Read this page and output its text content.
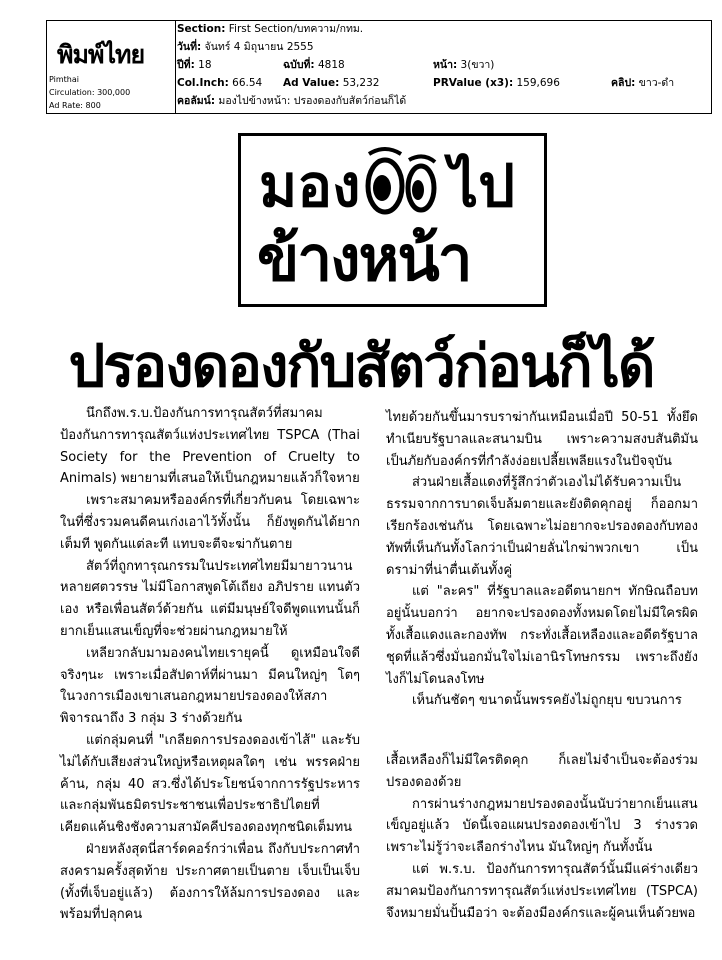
พิมพ์ไทย
Pimthai
Circulation: 300,000
Ad Rate: 800
Section: First Section/บทความ/กทม.
วันที่: จันทร์ 4 มิถุนายน 2555
ปีที่: 18	ฉบับที่: 4818	หน้า: 3(ขวา)
Col.Inch: 66.54 Ad Value: 53,232	PRValue (x3): 159,696	คลิป: ขาว-ดำ
คอลัมน์: มองไปข้างหน้า: ปรองดองกับสัตว์ก่อนก็ได้
มอง ไป
ข้างหน้า
ปรองดองกับสัตว์ก่อนก็ได้

นึกถึงพ.ร.บ.ป้องกันการทารุณสัตว์ที่สมาคมป้องกันการทารุณสัตว์แห่งประเทศไทย TSPCA (Thai Society for the Prevention of Cruelty to Animals) พยายามที่เสนอให้เป็นกฎหมายแล้วก็ใจหาย

เพราะสมาคมหรือองค์กรที่เกี่ยวกับคน โดยเฉพาะในที่ซึ่งรวมคนดีคนเก่งเอาไว้ทั้งนั้น ก็ยังพูดกันได้ยากเต็มที พูดกันแต่ละที แทบจะตีจะฆ่ากันตาย

สัตว์ที่ถูกทารุณกรรมในประเทศไทยมีมายาวนานหลายศตวรรษ ไม่มีโอกาสพูดโต้เถียง อภิปราย แทนตัวเอง หรือเพื่อนสัตว์ด้วยกัน แต่มีมนุษย์ใจดีพูดแทนนั้นก็ยากเย็นแสนเข็ญที่จะช่วยผ่านกฎหมายให้

เหลียวกลับมามองคนไทยเรายุคนี้ ดูเหมือนใจดีจริงๆนะ เพราะเมื่อสัปดาห์ที่ผ่านมา มีคนใหญ่ๆ โตๆ ในวงการเมืองเขาเสนอกฎหมายปรองดองให้สภาพิจารณาถึง 3 กลุ่ม 3 ร่างด้วยกัน

แต่กลุ่มคนที่ "เกลียดการปรองดองเข้าไส้" และรับไม่ได้กับเสียงส่วนใหญ่หรือเหตุผลใดๆ เช่น พรรคฝ่ายค้าน, กลุ่ม 40 สว.ซึ่งได้ประโยชน์จากการรัฐประหารและกลุ่มพันธมิตรประชาชนเพื่อประชาธิปไตยที่เคียดแค้นชิงชังความสามัคคีปรองดองทุกชนิดเต็มทน

ฝ่ายหลังสุดนี่สาร์ดคอร์กว่าเพื่อน ถึงกับประกาศทำสงครามครั้งสุดท้าย ประกาศตายเป็นตาย เจ็บเป็นเจ็บ (ทั้งที่เจ็บอยู่แล้ว) ต้องการให้ล้มการปรองดอง และพร้อมที่ปลุกคน

ไทยด้วยกันขึ้นมารบราฆ่ากันเหมือนเมื่อปี 50-51 ทั้งยึดทำเนียบรัฐบาลและสนามบิน เพราะความสงบสันติมันเป็นภัยกับองค์กรที่กำลังง่อยเปลี้ยเพลียแรงในปัจจุบัน

ส่วนฝ่ายเสื้อแดงที่รู้สึกว่าตัวเองไม่ได้รับความเป็นธรรมจากการบาดเจ็บล้มตายและยังติดคุกอยู่ ก็ออกมาเรียกร้องเช่นกัน โดยเฉพาะไม่อยากจะปรองดองกับทองทัพที่เห็นกันทั้งโลกว่าเป็นฝ่ายลั่นไกฆ่าพวกเขา เป็นดราม่าที่น่าตื่นเต้นทั้งคู่

แต่ "ละคร" ที่รัฐบาลและอดีตนายกฯ ทักษิณถือบทอยู่นั้นบอกว่า อยากจะปรองดองทั้งหมดโดยไม่มีใครผิด ทั้งเสื้อแดงและกองทัพ กระทั่งเสื้อเหลืองและอดีตรัฐบาลชุดที่แล้วซึ่งมั่นอกมั่นใจไม่เอานิรโทษกรรม เพราะถึงยังไงก็ไม่โดนลงโทษ

เห็นกันชัดๆ ขนาดนั้นพรรคยังไม่ถูกยุบ ขบวนการ

เสื้อเหลืองก็ไม่มีใครติดคุก ก็เลยไม่จำเป็นจะต้องร่วมปรองดองด้วย

การผ่านร่างกฎหมายปรองดองนั้นนับว่ายากเย็นแสนเข็ญอยู่แล้ว บัดนี้เจอแผนปรองดองเข้าไป 3 ร่างรวด เพราะไม่รู้ว่าจะเลือกร่างไหน มันใหญ่ๆ กันทั้งนั้น

แต่ พ.ร.บ. ป้องกันการทารุณสัตว์นั้นมีแค่ร่างเดียว สมาคมป้องกันการทารุณสัตว์แห่งประเทศไทย (TSPCA) จึงหมายมั่นปั้นมือว่า จะต้องมีองค์กรและผู้คนเห็นด้วยพอ
